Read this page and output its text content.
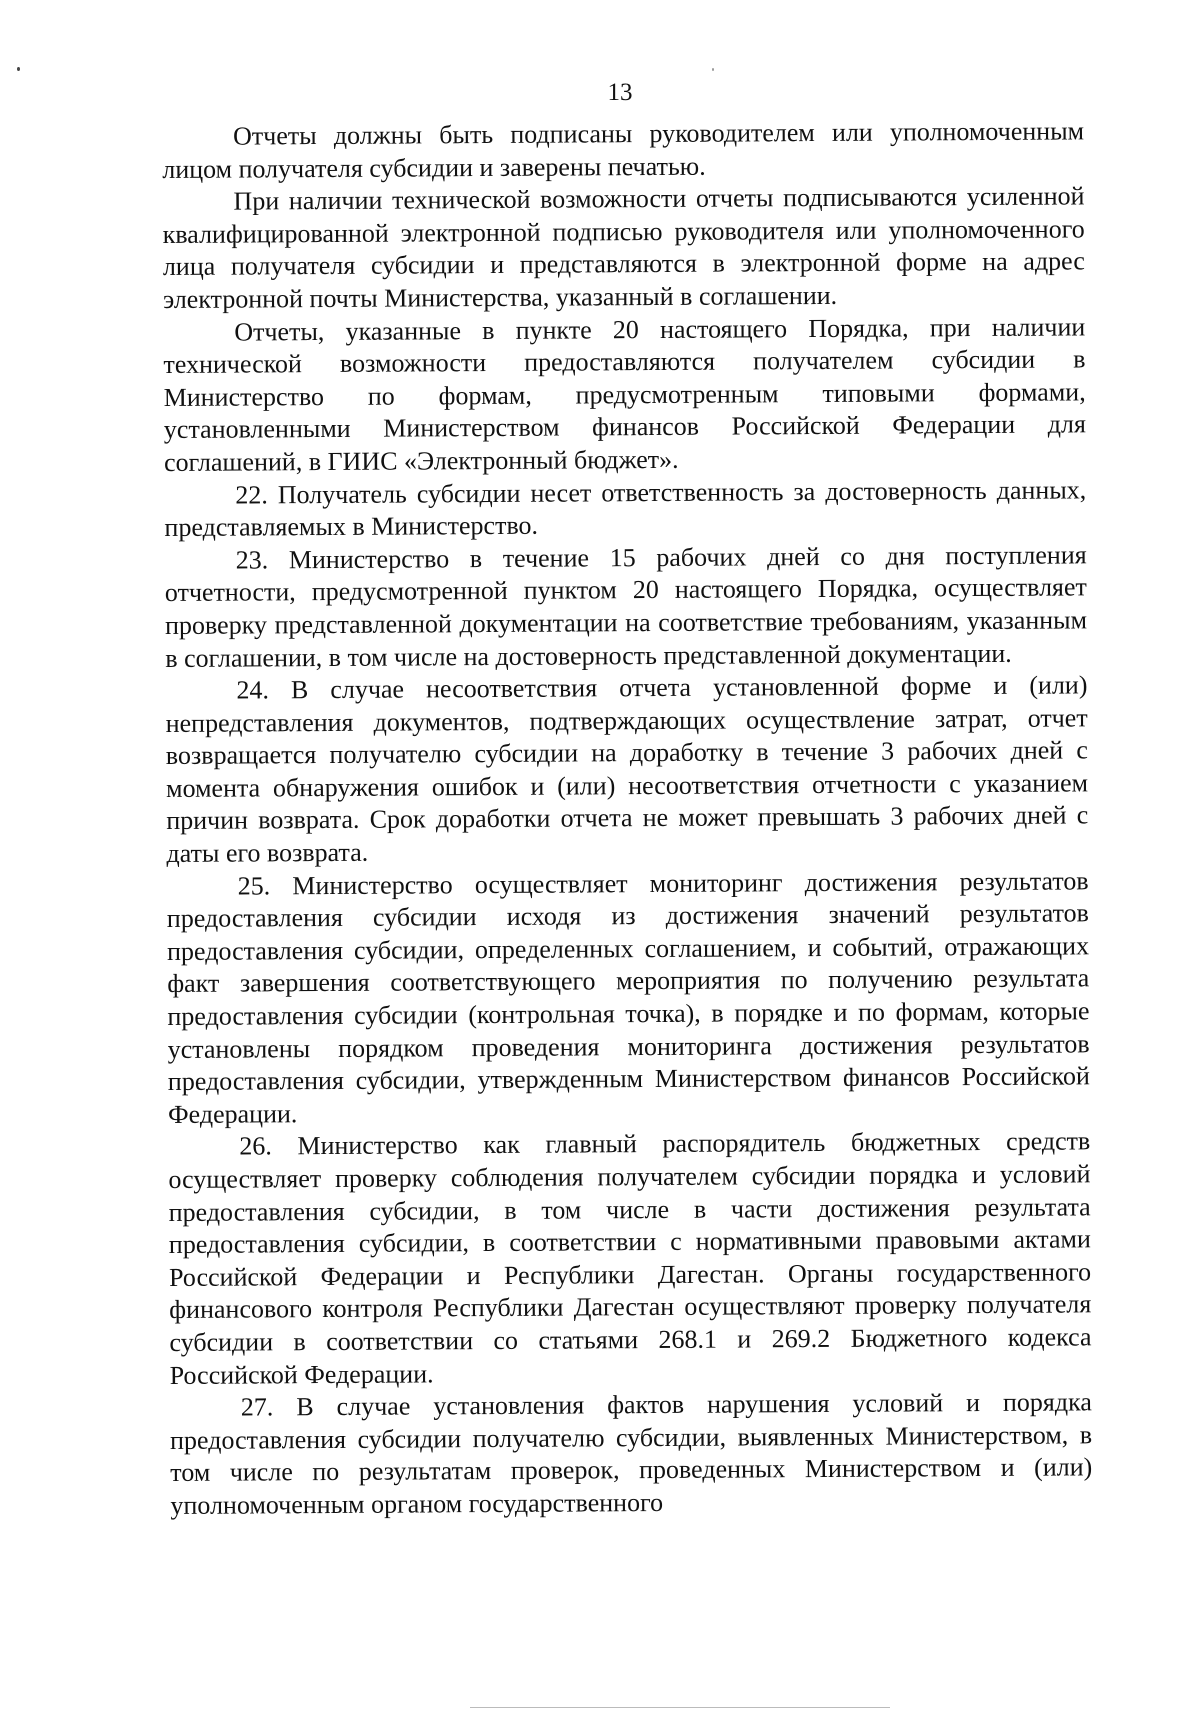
13

Отчеты должны быть подписаны руководителем или уполномоченным лицом получателя субсидии и заверены печатью.

При наличии технической возможности отчеты подписываются усиленной квалифицированной электронной подписью руководителя или уполномоченного лица получателя субсидии и представляются в электронной форме на адрес электронной почты Министерства, указанный в соглашении.

Отчеты, указанные в пункте 20 настоящего Порядка, при наличии технической возможности предоставляются получателем субсидии в Министерство по формам, предусмотренным типовыми формами, установленными Министерством финансов Российской Федерации для соглашений, в ГИИС «Электронный бюджет».

22. Получатель субсидии несет ответственность за достоверность данных, представляемых в Министерство.

23. Министерство в течение 15 рабочих дней со дня поступления отчетности, предусмотренной пунктом 20 настоящего Порядка, осуществляет проверку представленной документации на соответствие требованиям, указанным в соглашении, в том числе на достоверность представленной документации.

24. В случае несоответствия отчета установленной форме и (или) непредставления документов, подтверждающих осуществление затрат, отчет возвращается получателю субсидии на доработку в течение 3 рабочих дней с момента обнаружения ошибок и (или) несоответствия отчетности с указанием причин возврата. Срок доработки отчета не может превышать 3 рабочих дней с даты его возврата.

25. Министерство осуществляет мониторинг достижения результатов предоставления субсидии исходя из достижения значений результатов предоставления субсидии, определенных соглашением, и событий, отражающих факт завершения соответствующего мероприятия по получению результата предоставления субсидии (контрольная точка), в порядке и по формам, которые установлены порядком проведения мониторинга достижения результатов предоставления субсидии, утвержденным Министерством финансов Российской Федерации.

26. Министерство как главный распорядитель бюджетных средств осуществляет проверку соблюдения получателем субсидии порядка и условий предоставления субсидии, в том числе в части достижения результата предоставления субсидии, в соответствии с нормативными правовыми актами Российской Федерации и Республики Дагестан. Органы государственного финансового контроля Республики Дагестан осуществляют проверку получателя субсидии в соответствии со статьями 268.1 и 269.2 Бюджетного кодекса Российской Федерации.

27. В случае установления фактов нарушения условий и порядка предоставления субсидии получателю субсидии, выявленных Министерством, в том числе по результатам проверок, проведенных Министерством и (или) уполномоченным органом государственного
